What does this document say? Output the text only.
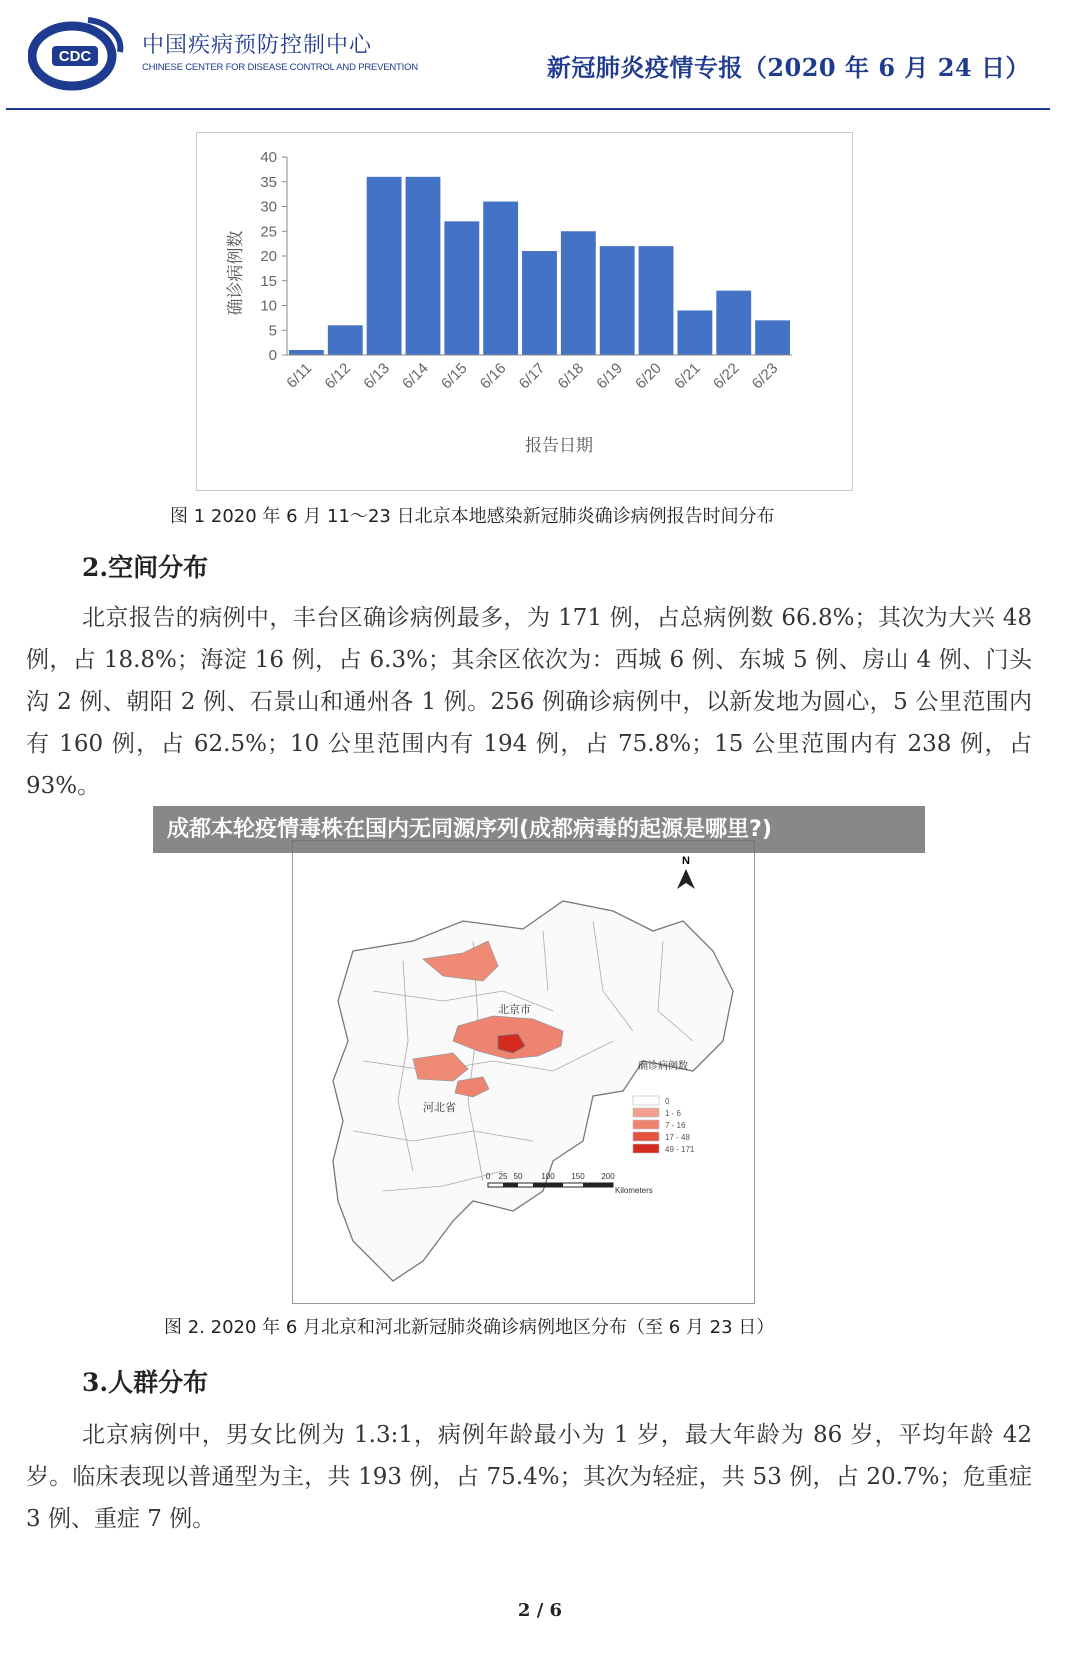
CDC 中国疾病预防控制中心
CHINESE CENTER FOR DISEASE CONTROL AND PREVENTION	新冠肺炎疫情专报（2020 年 6 月 24 日）
0
5
10
15
20
25
30
35
40
6/11 6/12 6/13 6/14 6/15 6/16 6/17 6/18 6/19 6/20 6/21 6/22 6/23
报告日期
确诊病例数
图 1 2020 年 6 月 11～23 日北京本地感染新冠肺炎确诊病例报告时间分布
2.空间分布

北京报告的病例中，丰台区确诊病例最多，为 171 例，占总病例数 66.8%；其次为大兴 48 例，占 18.8%；海淀 16 例，占 6.3%；其余区依次为：西城 6 例、东城 5 例、房山 4 例、门头沟 2 例、朝阳 2 例、石景山和通州各 1 例。256 例确诊病例中，以新发地为圆心，5 公里范围内有 160 例，占 62.5%；10 公里范围内有 194 例，占 75.8%；15 公里范围内有 238 例，占 93%。

北京市
河北省
N
确诊病例数
0
1 - 6
7 - 16
17 - 48
49 - 171
0 25 50 100 150 200
Kilometers
成都本轮疫情毒株在国内无同源序列(成都病毒的起源是哪里?)
图 2. 2020 年 6 月北京和河北新冠肺炎确诊病例地区分布（至 6 月 23 日）
3.人群分布

北京病例中，男女比例为 1.3:1，病例年龄最小为 1 岁，最大年龄为 86 岁，平均年龄 42 岁。临床表现以普通型为主，共 193 例，占 75.4%；其次为轻症，共 53 例，占 20.7%；危重症 3 例、重症 7 例。

2 / 6
